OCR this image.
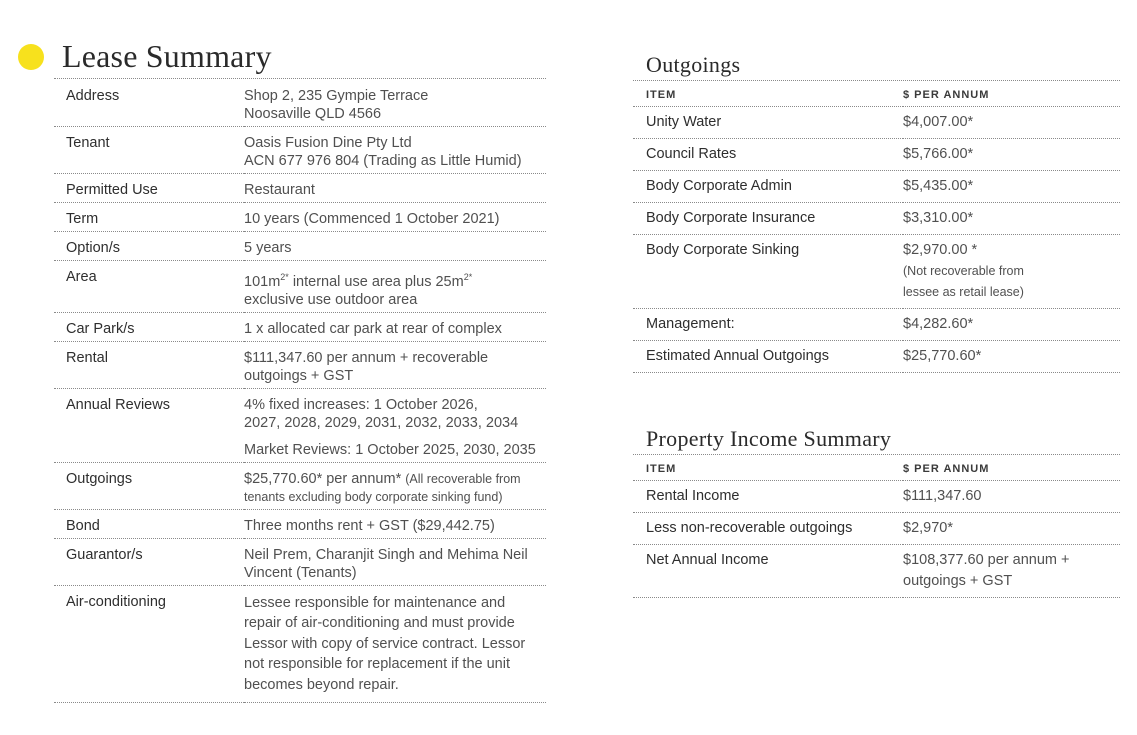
Lease Summary
Address	Shop 2, 235 Gympie Terrace
Noosaville QLD 4566
Tenant	Oasis Fusion Dine Pty Ltd
ACN 677 976 804 (Trading as Little Humid)
Permitted Use	Restaurant
Term	10 years (Commenced 1 October 2021)
Option/s	5 years
Area	$101m^{2*}$ internal use area plus $25m^{2*}$
exclusive use outdoor area
Car Park/s	1 x allocated car park at rear of complex
Rental	$111,347.60 per annum + recoverable
outgoings + GST
Annual Reviews	4% fixed increases: 1 October 2026,
2027, 2028, 2029, 2031, 2032, 2033, 2034
Market Reviews: 1 October 2025, 2030, 2035

Outgoings	$25,770.60* per annum* (All recoverable from
tenants excluding body corporate sinking fund)
Bond	Three months rent + GST ($29,442.75)
Guarantor/s	Neil Prem, Charanjit Singh and Mehima Neil
Vincent (Tenants)
Air-conditioning	Lessee responsible for maintenance and
repair of air-conditioning and must provide
Lessor with copy of service contract. Lessor
not responsible for replacement if the unit
becomes beyond repair.
Outgoings
ITEM	$ PER ANNUM
Unity Water	$4,007.00*
Council Rates	$5,766.00*
Body Corporate Admin	$5,435.00*
Body Corporate Insurance	$3,310.00*
Body Corporate Sinking	$2,970.00 *
(Not recoverable from
lessee as retail lease)
Management:	$4,282.60*
Estimated Annual Outgoings	$25,770.60*
Property Income Summary
ITEM	$ PER ANNUM
Rental Income	$111,347.60
Less non-recoverable outgoings	$2,970*
Net Annual Income	$108,377.60 per annum +
outgoings + GST
